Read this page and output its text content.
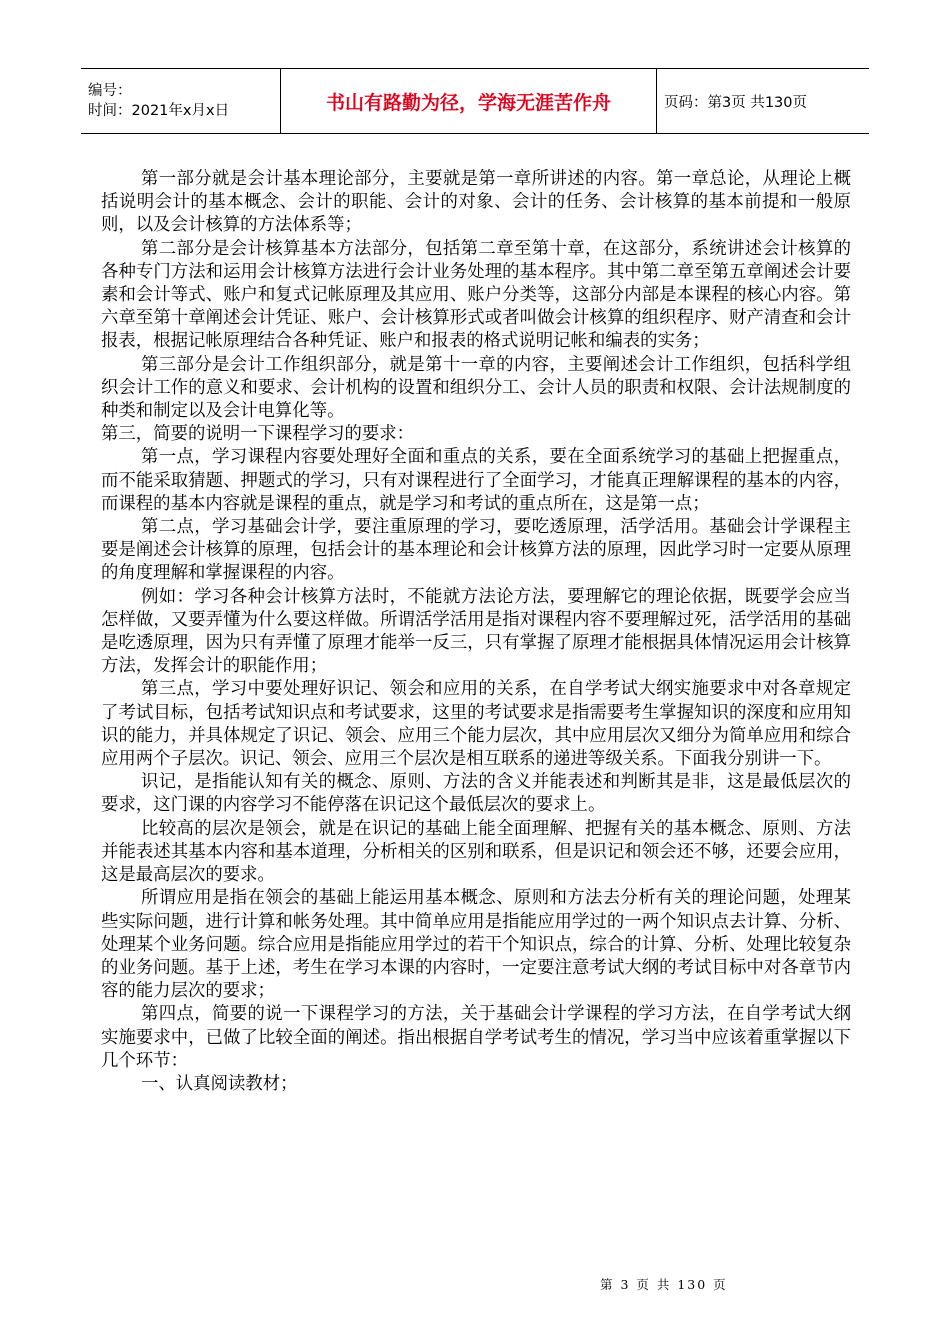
编号：
时间：2021年x月x日	书山有路勤为径，学海无涯苦作舟	页码：第3页 共130页

第一部分就是会计基本理论部分，主要就是第一章所讲述的内容。第一章总论，从理论上概括说明会计的基本概念、会计的职能、会计的对象、会计的任务、会计核算的基本前提和一般原则，以及会计核算的方法体系等；

第二部分是会计核算基本方法部分，包括第二章至第十章，在这部分，系统讲述会计核算的各种专门方法和运用会计核算方法进行会计业务处理的基本程序。其中第二章至第五章阐述会计要素和会计等式、账户和复式记帐原理及其应用、账户分类等，这部分内部是本课程的核心内容。第六章至第十章阐述会计凭证、账户、会计核算形式或者叫做会计核算的组织程序、财产清查和会计报表，根据记帐原理结合各种凭证、账户和报表的格式说明记帐和编表的实务；

第三部分是会计工作组织部分，就是第十一章的内容，主要阐述会计工作组织，包括科学组织会计工作的意义和要求、会计机构的设置和组织分工、会计人员的职责和权限、会计法规制度的种类和制定以及会计电算化等。

第三，简要的说明一下课程学习的要求：

第一点，学习课程内容要处理好全面和重点的关系，要在全面系统学习的基础上把握重点，而不能采取猜题、押题式的学习，只有对课程进行了全面学习，才能真正理解课程的基本的内容，而课程的基本内容就是课程的重点，就是学习和考试的重点所在，这是第一点；

第二点，学习基础会计学，要注重原理的学习，要吃透原理，活学活用。基础会计学课程主要是阐述会计核算的原理，包括会计的基本理论和会计核算方法的原理，因此学习时一定要从原理的角度理解和掌握课程的内容。

例如：学习各种会计核算方法时，不能就方法论方法，要理解它的理论依据，既要学会应当怎样做，又要弄懂为什么要这样做。所谓活学活用是指对课程内容不要理解过死，活学活用的基础是吃透原理，因为只有弄懂了原理才能举一反三，只有掌握了原理才能根据具体情况运用会计核算方法，发挥会计的职能作用；

第三点，学习中要处理好识记、领会和应用的关系，在自学考试大纲实施要求中对各章规定了考试目标，包括考试知识点和考试要求，这里的考试要求是指需要考生掌握知识的深度和应用知识的能力，并具体规定了识记、领会、应用三个能力层次，其中应用层次又细分为简单应用和综合应用两个子层次。识记、领会、应用三个层次是相互联系的递进等级关系。下面我分别讲一下。

识记，是指能认知有关的概念、原则、方法的含义并能表述和判断其是非，这是最低层次的要求，这门课的内容学习不能停落在识记这个最低层次的要求上。

比较高的层次是领会，就是在识记的基础上能全面理解、把握有关的基本概念、原则、方法并能表述其基本内容和基本道理，分析相关的区别和联系，但是识记和领会还不够，还要会应用，这是最高层次的要求。

所谓应用是指在领会的基础上能运用基本概念、原则和方法去分析有关的理论问题，处理某些实际问题，进行计算和帐务处理。其中简单应用是指能应用学过的一两个知识点去计算、分析、处理某个业务问题。综合应用是指能应用学过的若干个知识点，综合的计算、分析、处理比较复杂的业务问题。基于上述，考生在学习本课的内容时，一定要注意考试大纲的考试目标中对各章节内容的能力层次的要求；

第四点，简要的说一下课程学习的方法，关于基础会计学课程的学习方法，在自学考试大纲实施要求中，已做了比较全面的阐述。指出根据自学考试考生的情况，学习当中应该着重掌握以下几个环节：

一、认真阅读教材；

第 3 页 共 130 页
